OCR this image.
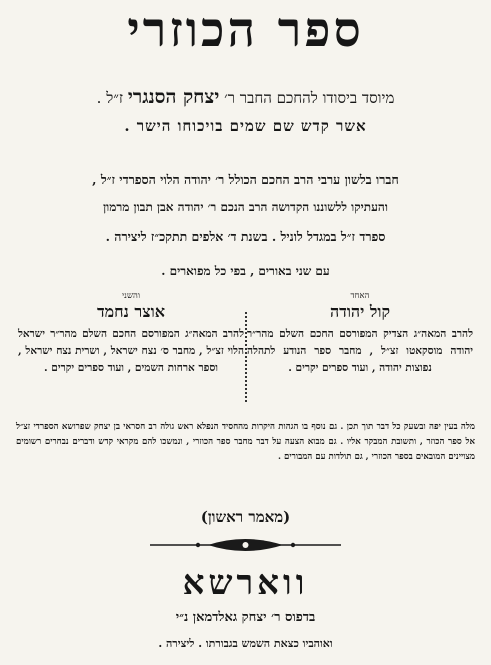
ספר הכוזרי
מיוסד ביסודו להחכם החבר ר׳ יצחק הסנגרי ז״ל .
אשר קדש שם שמים בויכוחו הישר .
חברו בלשון ערבי הרב החכם הכולל ר׳ יהודה הלוי הספרדי ז״ל ,
והעתיקו ללשוננו הקדושה הרב הנכם ר׳ יהודה אבן תבון מרמון
ספרד ז״ל במגדל לוניל . בשנת ד׳ אלפים תתקכ״ז ליצירה .
עם שני באורים , בפי כל מפוארים .
האחד
קול יהודה
להרב המאה״ג הצדיק המפורסם החכם השלם מהר״ר יהודה מוסקאטו זצ״ל , מחבר ספר הנודע לתהלה נפוצות יהודה , ועוד ספרים יקרים .
והשני
אוצר נחמד
להרב המאה״ג המפורסם החכם השלם מהר״ר ישראל הלוי זצ״ל , מחבר ס׳ נצח ישראל , ושרית נצח ישראל , וספר ארחות השמים , ועוד ספרים יקרים .
מלה בעין יפה ובשעק כל דבר תוך תכן . גם נוסף בו הגהות היקרות מהחסיד הנפלא ראש גולה רב חסראי בן יצחק שפרושא הספרדי זצ״ל אל ספר הכוזר , ותשובת המבקר אליו . גם מבוא הצעה על דבר מחבר ספר הכוזרי , ונמשכו להם מקראי קדש ודברים נבחרים רשומים מצויינים המובאים בספר הכוזרי , גם תולדות עם המבורים .
(מאמר ראשון)
ווארשא
בדפוס ר׳ יצחק גאלדמאן נ״י
ואוהביו כצאת השמש בגבורתו . ליצירה .
